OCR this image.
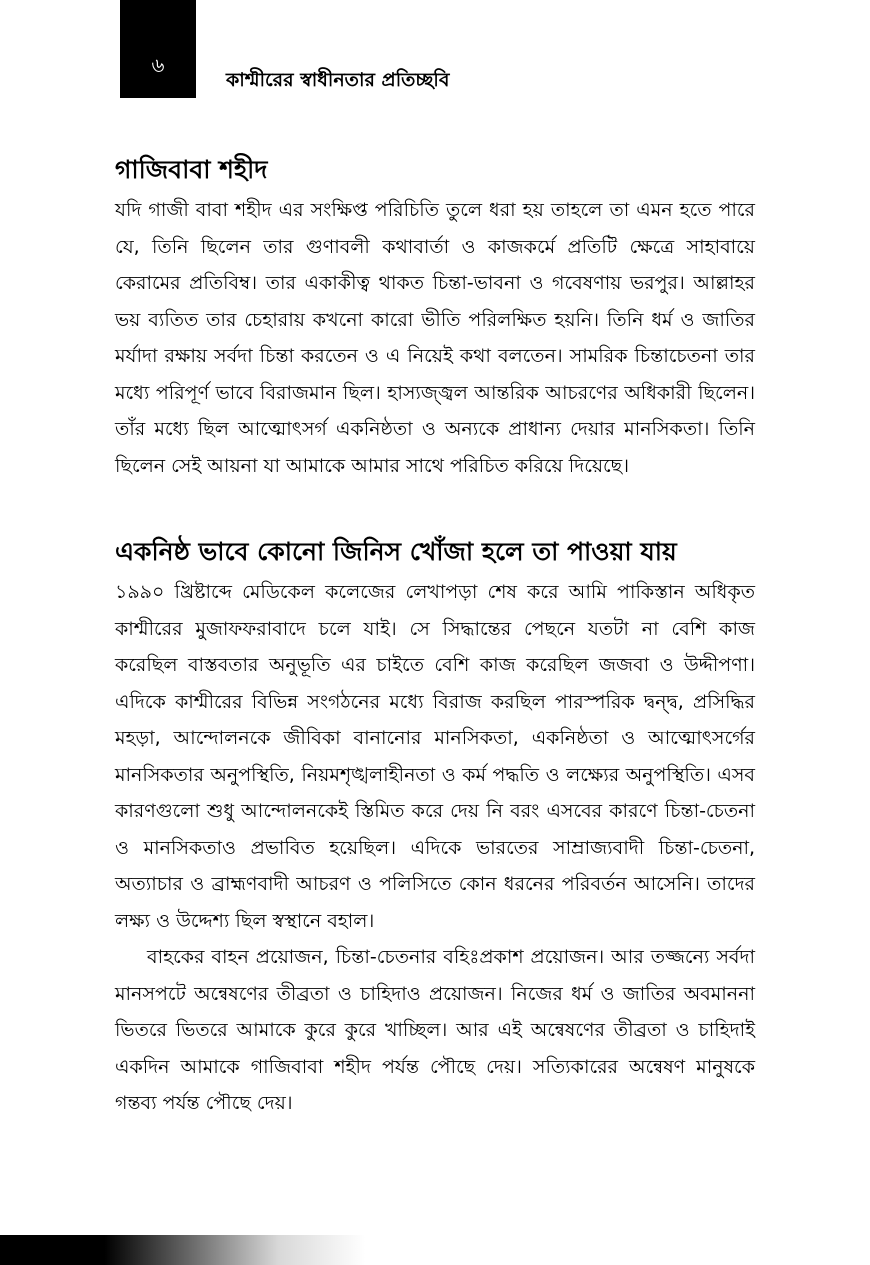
৬
কাশ্মীরের স্বাধীনতার প্রতিচ্ছবি
গাজিবাবা শহীদ

যদি গাজী বাবা শহীদ এর সংক্ষিপ্ত পরিচিতি তুলে ধরা হয় তাহলে তা এমন হতে পারে যে, তিনি ছিলেন তার গুণাবলী কথাবার্তা ও কাজকর্মে প্রতিটি ক্ষেত্রে সাহাবায়ে কেরামের প্রতিবিম্ব। তার একাকীত্ব থাকত চিন্তা-ভাবনা ও গবেষণায় ভরপুর। আল্লাহর ভয় ব্যতিত তার চেহারায় কখনো কারো ভীতি পরিলক্ষিত হয়নি। তিনি ধর্ম ও জাতির মর্যাদা রক্ষায় সর্বদা চিন্তা করতেন ও এ নিয়েই কথা বলতেন। সামরিক চিন্তাচেতনা তার মধ্যে পরিপূর্ণ ভাবে বিরাজমান ছিল। হাস্যজ্জ্বল আন্তরিক আচরণের অধিকারী ছিলেন। তাঁর মধ্যে ছিল আত্মোৎসর্গ একনিষ্ঠতা ও অন্যকে প্রাধান্য দেয়ার মানসিকতা। তিনি ছিলেন সেই আয়না যা আমাকে আমার সাথে পরিচিত করিয়ে দিয়েছে।

একনিষ্ঠ ভাবে কোনো জিনিস খোঁজা হলে তা পাওয়া যায়

১৯৯০ খ্রিষ্টাব্দে মেডিকেল কলেজের লেখাপড়া শেষ করে আমি পাকিস্তান অধিকৃত কাশ্মীরের মুজাফফরাবাদে চলে যাই। সে সিদ্ধান্তের পেছনে যতটা না বেশি কাজ করেছিল বাস্তবতার অনুভূতি এর চাইতে বেশি কাজ করেছিল জজবা ও উদ্দীপণা। এদিকে কাশ্মীরের বিভিন্ন সংগঠনের মধ্যে বিরাজ করছিল পারস্পরিক দ্বন্দ্ব, প্রসিদ্ধির মহড়া, আন্দোলনকে জীবিকা বানানোর মানসিকতা, একনিষ্ঠতা ও আত্মোৎসর্গের মানসিকতার অনুপস্থিতি, নিয়মশৃঙ্খলাহীনতা ও কর্ম পদ্ধতি ও লক্ষ্যের অনুপস্থিতি। এসব কারণগুলো শুধু আন্দোলনকেই স্তিমিত করে দেয় নি বরং এসবের কারণে চিন্তা-চেতনা ও মানসিকতাও প্রভাবিত হয়েছিল। এদিকে ভারতের সাম্রাজ্যবাদী চিন্তা-চেতনা, অত্যাচার ও ব্রাহ্মণবাদী আচরণ ও পলিসিতে কোন ধরনের পরিবর্তন আসেনি। তাদের লক্ষ্য ও উদ্দেশ্য ছিল স্বস্থানে বহাল।

বাহকের বাহন প্রয়োজন, চিন্তা-চেতনার বহিঃপ্রকাশ প্রয়োজন। আর তজ্জন্যে সর্বদা মানসপটে অন্বেষণের তীব্রতা ও চাহিদাও প্রয়োজন। নিজের ধর্ম ও জাতির অবমাননা ভিতরে ভিতরে আমাকে কুরে কুরে খাচ্ছিল। আর এই অন্বেষণের তীব্রতা ও চাহিদাই একদিন আমাকে গাজিবাবা শহীদ পর্যন্ত পৌছে দেয়। সত্যিকারের অন্বেষণ মানুষকে গন্তব্য পর্যন্ত পৌছে দেয়।
